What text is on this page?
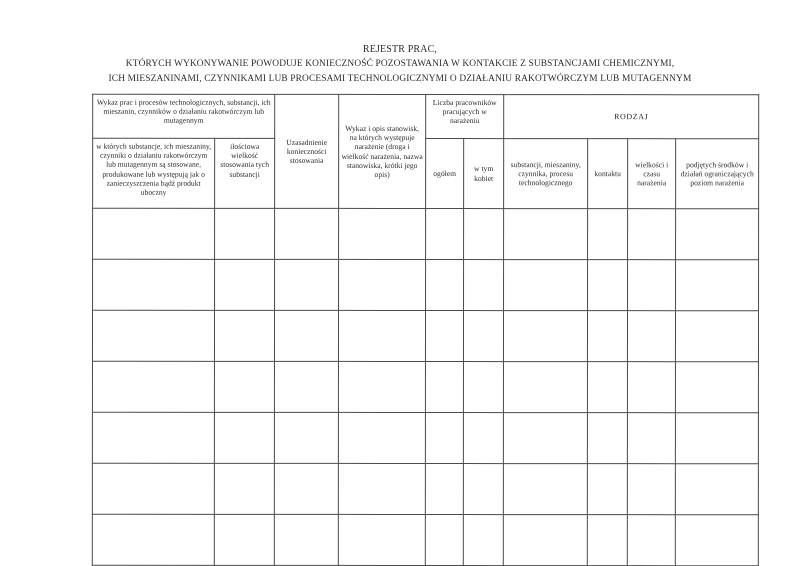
REJESTR PRAC,
KTÓRYCH WYKONYWANIE POWODUJE KONIECZNOŚĆ POZOSTAWANIA W KONTAKCIE Z SUBSTANCJAMI CHEMICZNYMI,
ICH MIESZANINAMI, CZYNNIKAMI LUB PROCESAMI TECHNOLOGICZNYMI O DZIAŁANIU RAKOTWÓRCZYM LUB MUTAGENNYM
Wykaz prac i procesów technologicznych, substancji, ich mieszanin, czynników o działaniu rakotwórczym lub mutagennym		Uzasadnienie konieczności stosowania	Wykaz i opis stanowisk, na których występuje narażenie (droga i wielkość narażenia, nazwa stanowiska, krótki jego opis)	Liczba pracowników pracujących w narażeniu		RODZAJ			
w których substancje, ich mieszaniny, czynniki o działaniu rakotwórczym lub mutagennym są stosowane, produkowane lub występują jak o zanieczyszczenia bądź produkt uboczny	ilościowa wielkość stosowania tych substancji			ogółem	w tym kobiet	substancji, mieszaniny, czynnika, procesu technologicznego	kontaktu	wielkości i czasu narażenia	podjętych środków i działań ograniczających poziom narażenia
